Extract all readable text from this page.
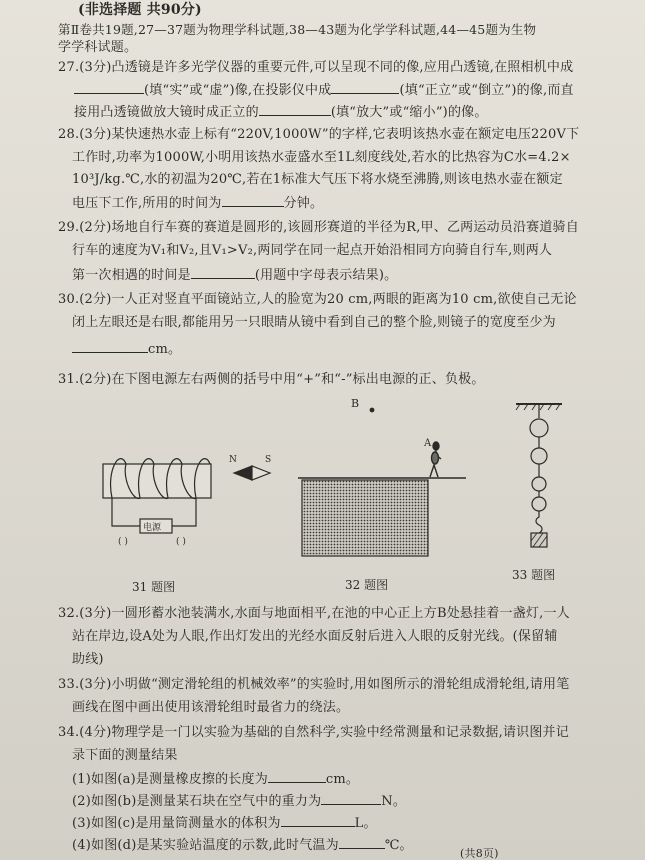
(非选择题 共90分)
第Ⅱ卷共19题,27—37题为物理学科试题,38—43题为化学学科试题,44—45题为生物
学学科试题。
27.(3分)凸透镜是许多光学仪器的重要元件,可以呈现不同的像,应用凸透镜,在照相机中成
(填“实”或“虚”)像,在投影仪中成	(填“正立”或“倒立”)的像,而直
接用凸透镜做放大镜时成正立的	(填“放大”或“缩小”)的像。
28.(3分)某快速热水壶上标有“220V,1000W”的字样,它表明该热水壶在额定电压220V下
工作时,功率为1000W,小明用该热水壶盛水至1L刻度线处,若水的比热容为C水=4.2×
10³J/kg.℃,水的初温为20℃,若在1标准大气压下将水烧至沸腾,则该电热水壶在额定
电压下工作,所用的时间为	分钟。
29.(2分)场地自行车赛的赛道是圆形的,该圆形赛道的半径为R,甲、乙两运动员沿赛道骑自
行车的速度为V₁和V₂,且V₁>V₂,两同学在同一起点开始沿相同方向骑自行车,则两人
第一次相遇的时间是	(用题中字母表示结果)。
30.(2分)一人正对竖直平面镜站立,人的脸宽为20 cm,两眼的距离为10 cm,欲使自己无论
闭上左眼还是右眼,都能用另一只眼睛从镜中看到自己的整个脸,则镜子的宽度至少为
cm。
31.(2分)在下图电源左右两侧的括号中用“+”和“-”标出电源的正、负极。
电源
( )	( )
N	S
31 题图
B
A
32 题图
33 题图
32.(3分)一圆形蓄水池装满水,水面与地面相平,在池的中心正上方B处悬挂着一盏灯,一人
站在岸边,设A处为人眼,作出灯发出的光经水面反射后进入人眼的反射光线。(保留辅
助线)
33.(3分)小明做“测定滑轮组的机械效率”的实验时,用如图所示的滑轮组成滑轮组,请用笔
画线在图中画出使用该滑轮组时最省力的绕法。
34.(4分)物理学是一门以实验为基础的自然科学,实验中经常测量和记录数据,请识图并记
录下面的测量结果
(1)如图(a)是测量橡皮擦的长度为	cm。
(2)如图(b)是测量某石块在空气中的重力为	N。
(3)如图(c)是用量筒测量水的体积为	L。
(4)如图(d)是某实验站温度的示数,此时气温为	℃。
(共8页)
